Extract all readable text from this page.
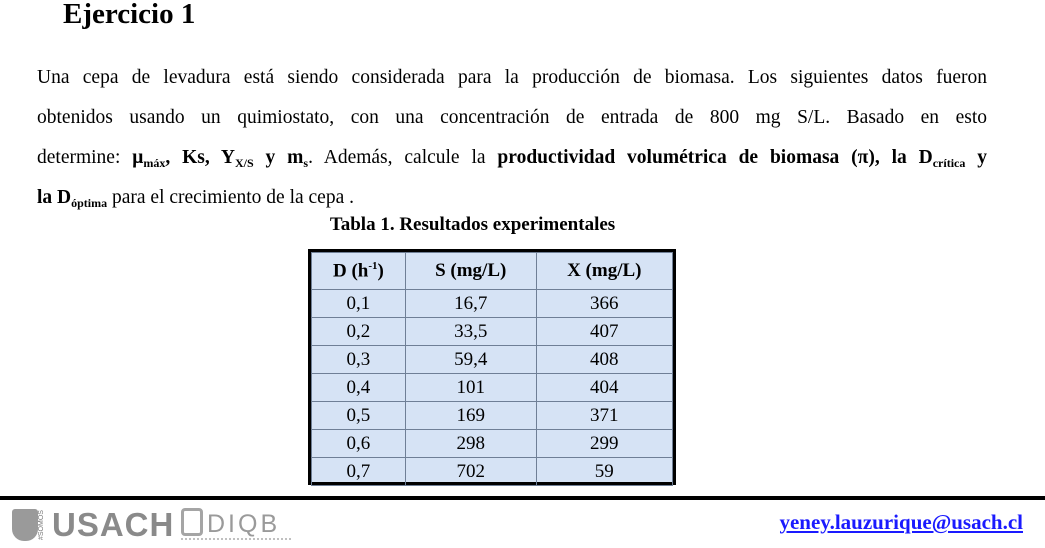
Ejercicio 1
Una cepa de levadura está siendo considerada para la producción de biomasa. Los siguientes datos fueron
obtenidos usando un quimiostato, con una concentración de entrada de 800 mg S/L. Basado en esto
determine: $\mu_{máx}$, Ks, $Y_{X/S}$ y $m_s$. Además, calcule la productividad volumétrica de biomasa (π), la $D_{crítica}$ y
la $D_{óptima}$ para el crecimiento de la cepa .
Tabla 1. Resultados experimentales
D $(h^{-1})$	S (mg/L)	X (mg/L)
0,1	16,7	366
0,2	33,5	407
0,3	59,4	408
0,4	101	404
0,5	169	371
0,6	298	299
0,7	702	59
#SOMOS USACH DIQB	yeney.lauzurique@usach.cl
